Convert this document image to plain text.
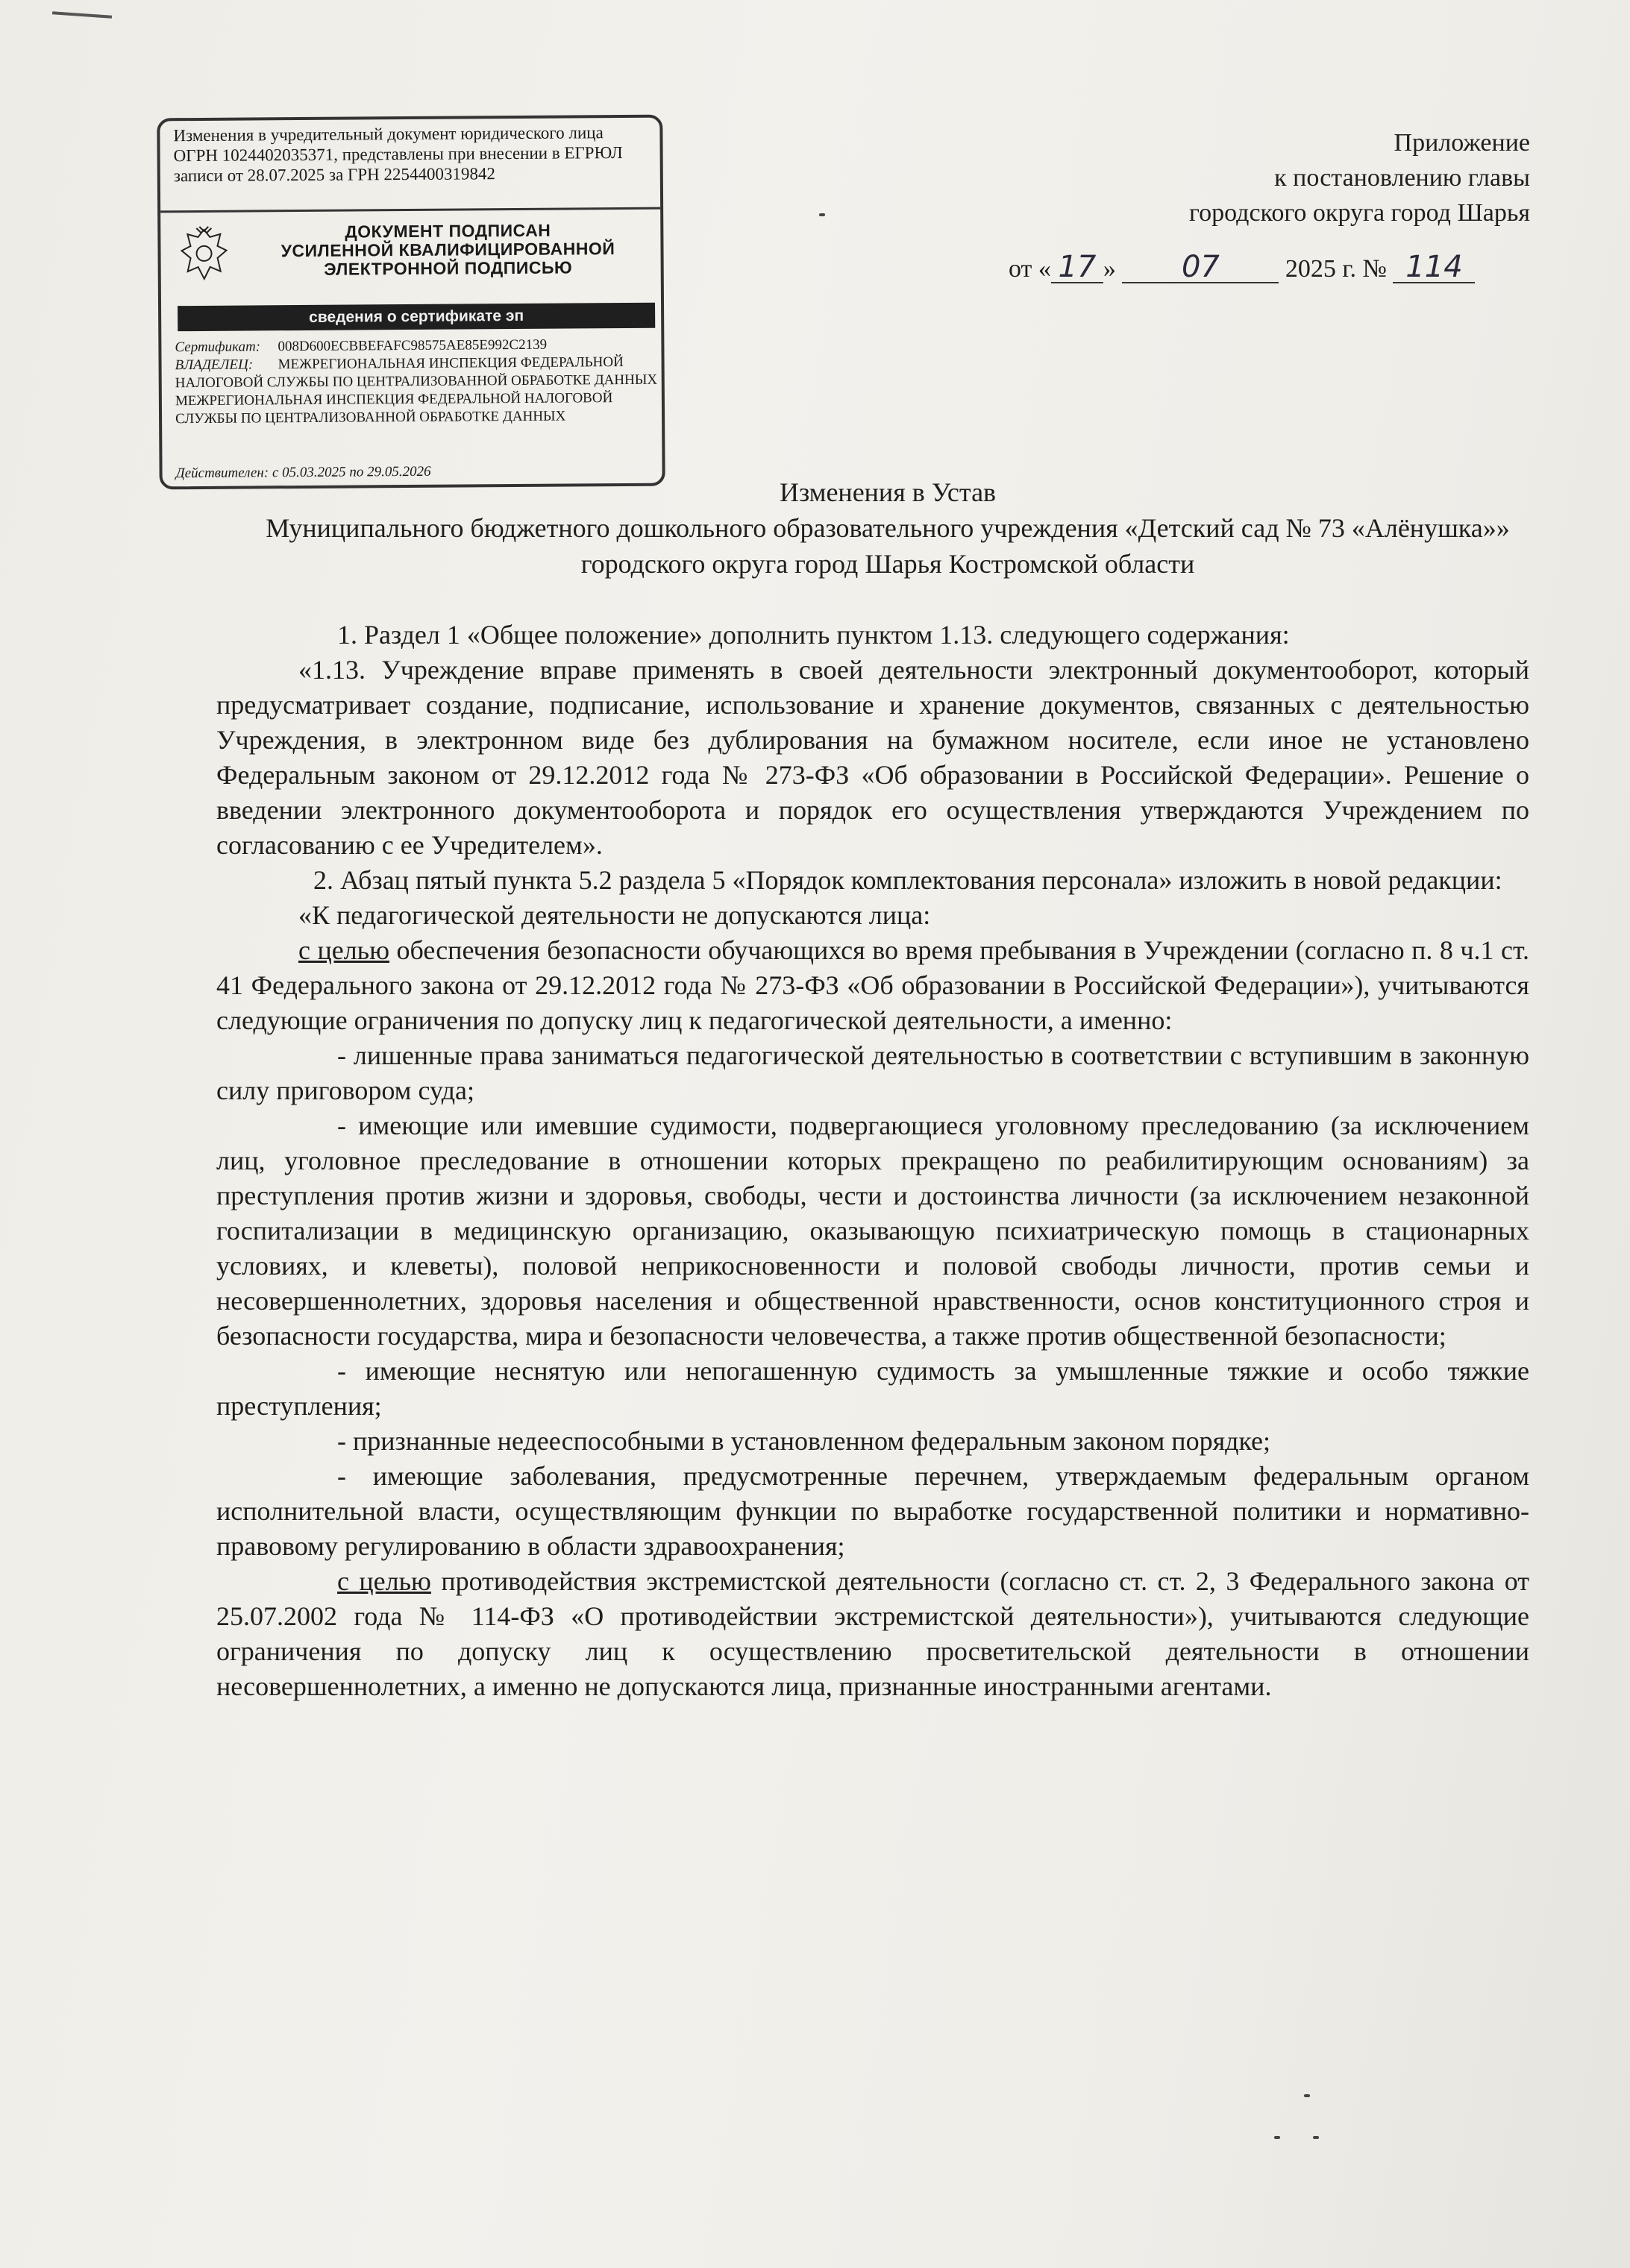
Изменения в учредительный документ юридического лица ОГРН 1024402035371, представлены при внесении в ЕГРЮЛ записи от 28.07.2025 за ГРН 2254400319842
ДОКУМЕНТ ПОДПИСАН
УСИЛЕННОЙ КВАЛИФИЦИРОВАННОЙ
ЭЛЕКТРОННОЙ ПОДПИСЬЮ
сведения о сертификате эп
Сертификат: 008D600ECBBEFAFC98575AE85E992C2139
ВЛАДЕЛЕЦ: МЕЖРЕГИОНАЛЬНАЯ ИНСПЕКЦИЯ ФЕДЕРАЛЬНОЙ НАЛОГОВОЙ СЛУЖБЫ ПО ЦЕНТРАЛИЗОВАННОЙ ОБРАБОТКЕ ДАННЫХ МЕЖРЕГИОНАЛЬНАЯ ИНСПЕКЦИЯ ФЕДЕРАЛЬНОЙ НАЛОГОВОЙ СЛУЖБЫ ПО ЦЕНТРАЛИЗОВАННОЙ ОБРАБОТКЕ ДАННЫХ
Действителен: с 05.03.2025 по 29.05.2026
Приложение
к постановлению главы
городского округа город Шарья
от « 17 » 07	2025 г. № 114
Изменения в Устав
Муниципального бюджетного дошкольного образовательного учреждения «Детский сад № 73 «Алёнушка»» городского округа город Шарья Костромской области

1. Раздел 1 «Общее положение» дополнить пунктом 1.13. следующего содержания:

«1.13. Учреждение вправе применять в своей деятельности электронный документооборот, который предусматривает создание, подписание, использование и хранение документов, связанных с деятельностью Учреждения, в электронном виде без дублирования на бумажном носителе, если иное не установлено Федеральным законом от 29.12.2012 года № 273-ФЗ «Об образовании в Российской Федерации». Решение о введении электронного документооборота и порядок его осуществления утверждаются Учреждением по согласованию с ее Учредителем».

2. Абзац пятый пункта 5.2 раздела 5 «Порядок комплектования персонала» изложить в новой редакции:

«К педагогической деятельности не допускаются лица:

с целью обеспечения безопасности обучающихся во время пребывания в Учреждении (согласно п. 8 ч.1 ст. 41 Федерального закона от 29.12.2012 года № 273-ФЗ «Об образовании в Российской Федерации»), учитываются следующие ограничения по допуску лиц к педагогической деятельности, а именно:

- лишенные права заниматься педагогической деятельностью в соответствии с вступившим в законную силу приговором суда;

- имеющие или имевшие судимости, подвергающиеся уголовному преследованию (за исключением лиц, уголовное преследование в отношении которых прекращено по реабилитирующим основаниям) за преступления против жизни и здоровья, свободы, чести и достоинства личности (за исключением незаконной госпитализации в медицинскую организацию, оказывающую психиатрическую помощь в стационарных условиях, и клеветы), половой неприкосновенности и половой свободы личности, против семьи и несовершеннолетних, здоровья населения и общественной нравственности, основ конституционного строя и безопасности государства, мира и безопасности человечества, а также против общественной безопасности;

- имеющие неснятую или непогашенную судимость за умышленные тяжкие и особо тяжкие преступления;

- признанные недееспособными в установленном федеральным законом порядке;

- имеющие заболевания, предусмотренные перечнем, утверждаемым федеральным органом исполнительной власти, осуществляющим функции по выработке государственной политики и нормативно-правовому регулированию в области здравоохранения;

с целью противодействия экстремистской деятельности (согласно ст. ст. 2, 3 Федерального закона от 25.07.2002 года № 114-ФЗ «О противодействии экстремистской деятельности»), учитываются следующие ограничения по допуску лиц к осуществлению просветительской деятельности в отношении несовершеннолетних, а именно не допускаются лица, признанные иностранными агентами.
